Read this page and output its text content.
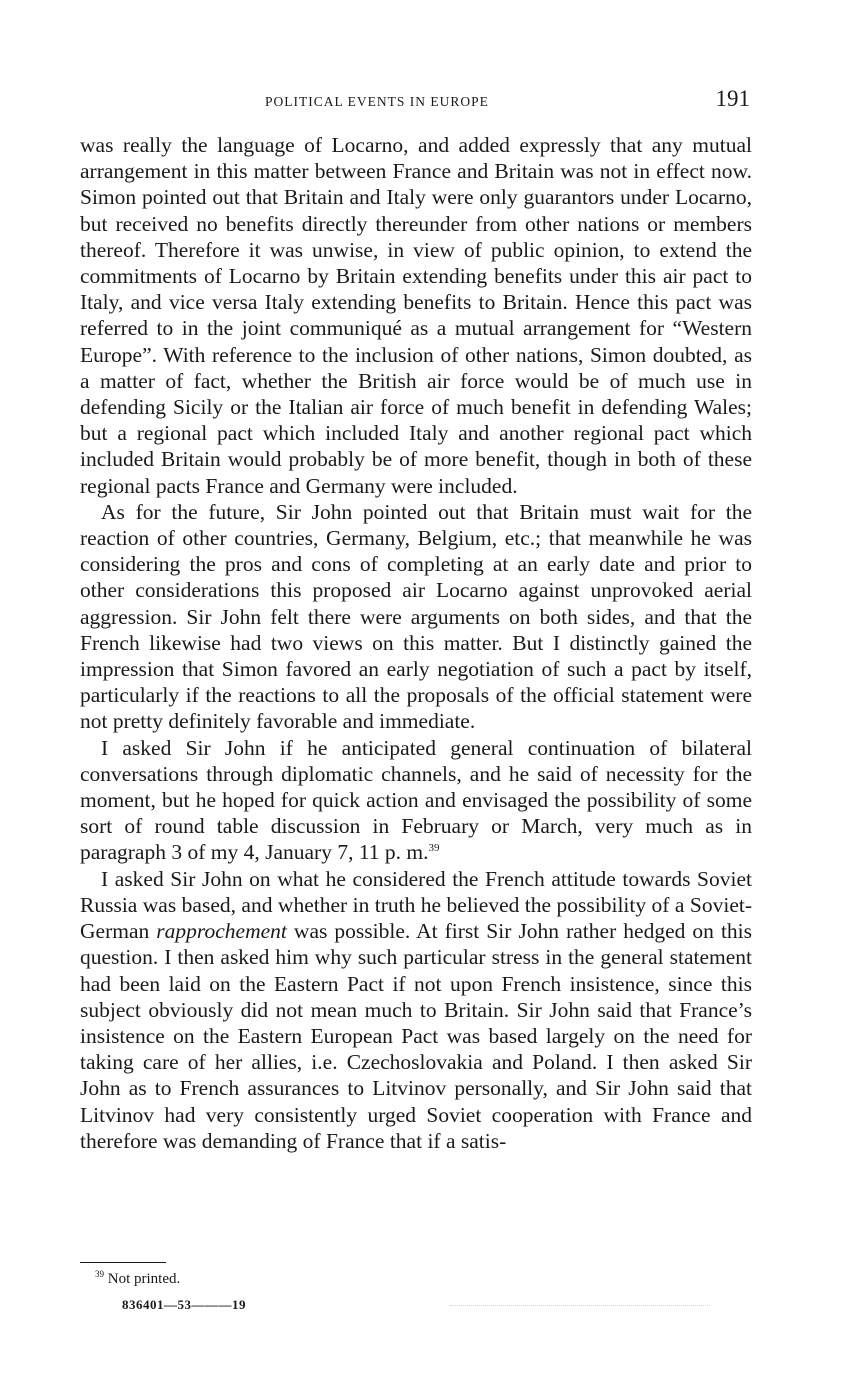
POLITICAL EVENTS IN EUROPE	191

was really the language of Locarno, and added expressly that any mutual arrangement in this matter between France and Britain was not in effect now. Simon pointed out that Britain and Italy were only guarantors under Locarno, but received no benefits directly thereunder from other nations or members thereof. Therefore it was unwise, in view of public opinion, to extend the commitments of Locarno by Britain extending benefits under this air pact to Italy, and vice versa Italy extending benefits to Britain. Hence this pact was referred to in the joint communiqué as a mutual arrangement for “Western Europe”. With reference to the inclusion of other nations, Simon doubted, as a matter of fact, whether the British air force would be of much use in defending Sicily or the Italian air force of much benefit in defending Wales; but a regional pact which included Italy and another regional pact which included Britain would probably be of more benefit, though in both of these regional pacts France and Germany were included.

As for the future, Sir John pointed out that Britain must wait for the reaction of other countries, Germany, Belgium, etc.; that meanwhile he was considering the pros and cons of completing at an early date and prior to other considerations this proposed air Locarno against unprovoked aerial aggression. Sir John felt there were arguments on both sides, and that the French likewise had two views on this matter. But I distinctly gained the impression that Simon favored an early negotiation of such a pact by itself, particularly if the reactions to all the proposals of the official statement were not pretty definitely favorable and immediate.

I asked Sir John if he anticipated general continuation of bilateral conversations through diplomatic channels, and he said of necessity for the moment, but he hoped for quick action and envisaged the possibility of some sort of round table discussion in February or March, very much as in paragraph 3 of my 4, January 7, 11 p. m.$^{39}$

I asked Sir John on what he considered the French attitude towards Soviet Russia was based, and whether in truth he believed the possibility of a Soviet-German rapprochement was possible. At first Sir John rather hedged on this question. I then asked him why such particular stress in the general statement had been laid on the Eastern Pact if not upon French insistence, since this subject obviously did not mean much to Britain. Sir John said that France’s insistence on the Eastern European Pact was based largely on the need for taking care of her allies, i.e. Czechoslovakia and Poland. I then asked Sir John as to French assurances to Litvinov personally, and Sir John said that Litvinov had very consistently urged Soviet cooperation with France and therefore was demanding of France that if a satis-

$^{39}$ Not printed.
836401—53———19
